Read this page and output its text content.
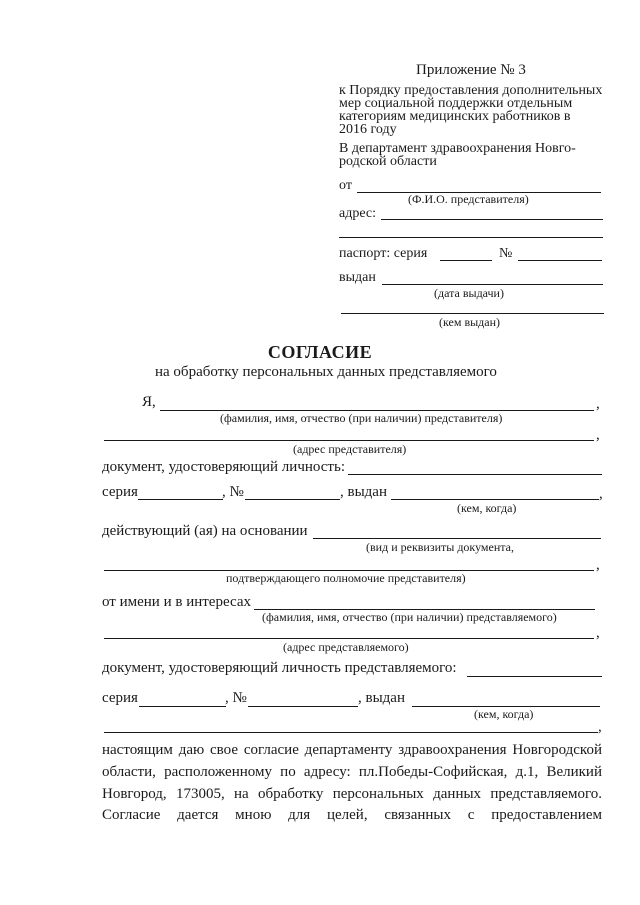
Приложение № 3
к Порядку предоставления дополнительных
мер социальной поддержки отдельным
категориям медицинских работников в
2016 году
В департамент здравоохранения Новго-
родской области
от
(Ф.И.О. представителя)
адрес:
паспорт: серия	№
выдан
(дата выдачи)
(кем выдан)
СОГЛАСИЕ
на обработку персональных данных представляемого
Я,	,
(фамилия, имя, отчество (при наличии) представителя)
,
(адрес представителя)
документ, удостоверяющий личность:
серия	, №	, выдан	,
(кем, когда)
действующий (ая) на основании
(вид и реквизиты документа,
,
подтверждающего полномочие представителя)
от имени и в интересах
(фамилия, имя, отчество (при наличии) представляемого)
,
(адрес представляемого)
документ, удостоверяющий личность представляемого:
серия	, №	, выдан
(кем, когда)
,
настоящим даю свое согласие департаменту здравоохранения Новгородской
области, расположенному по адресу: пл.Победы-Софийская, д.1, Великий
Новгород, 173005, на обработку персональных данных представляемого.
Согласие дается мною для целей, связанных с предоставлением
